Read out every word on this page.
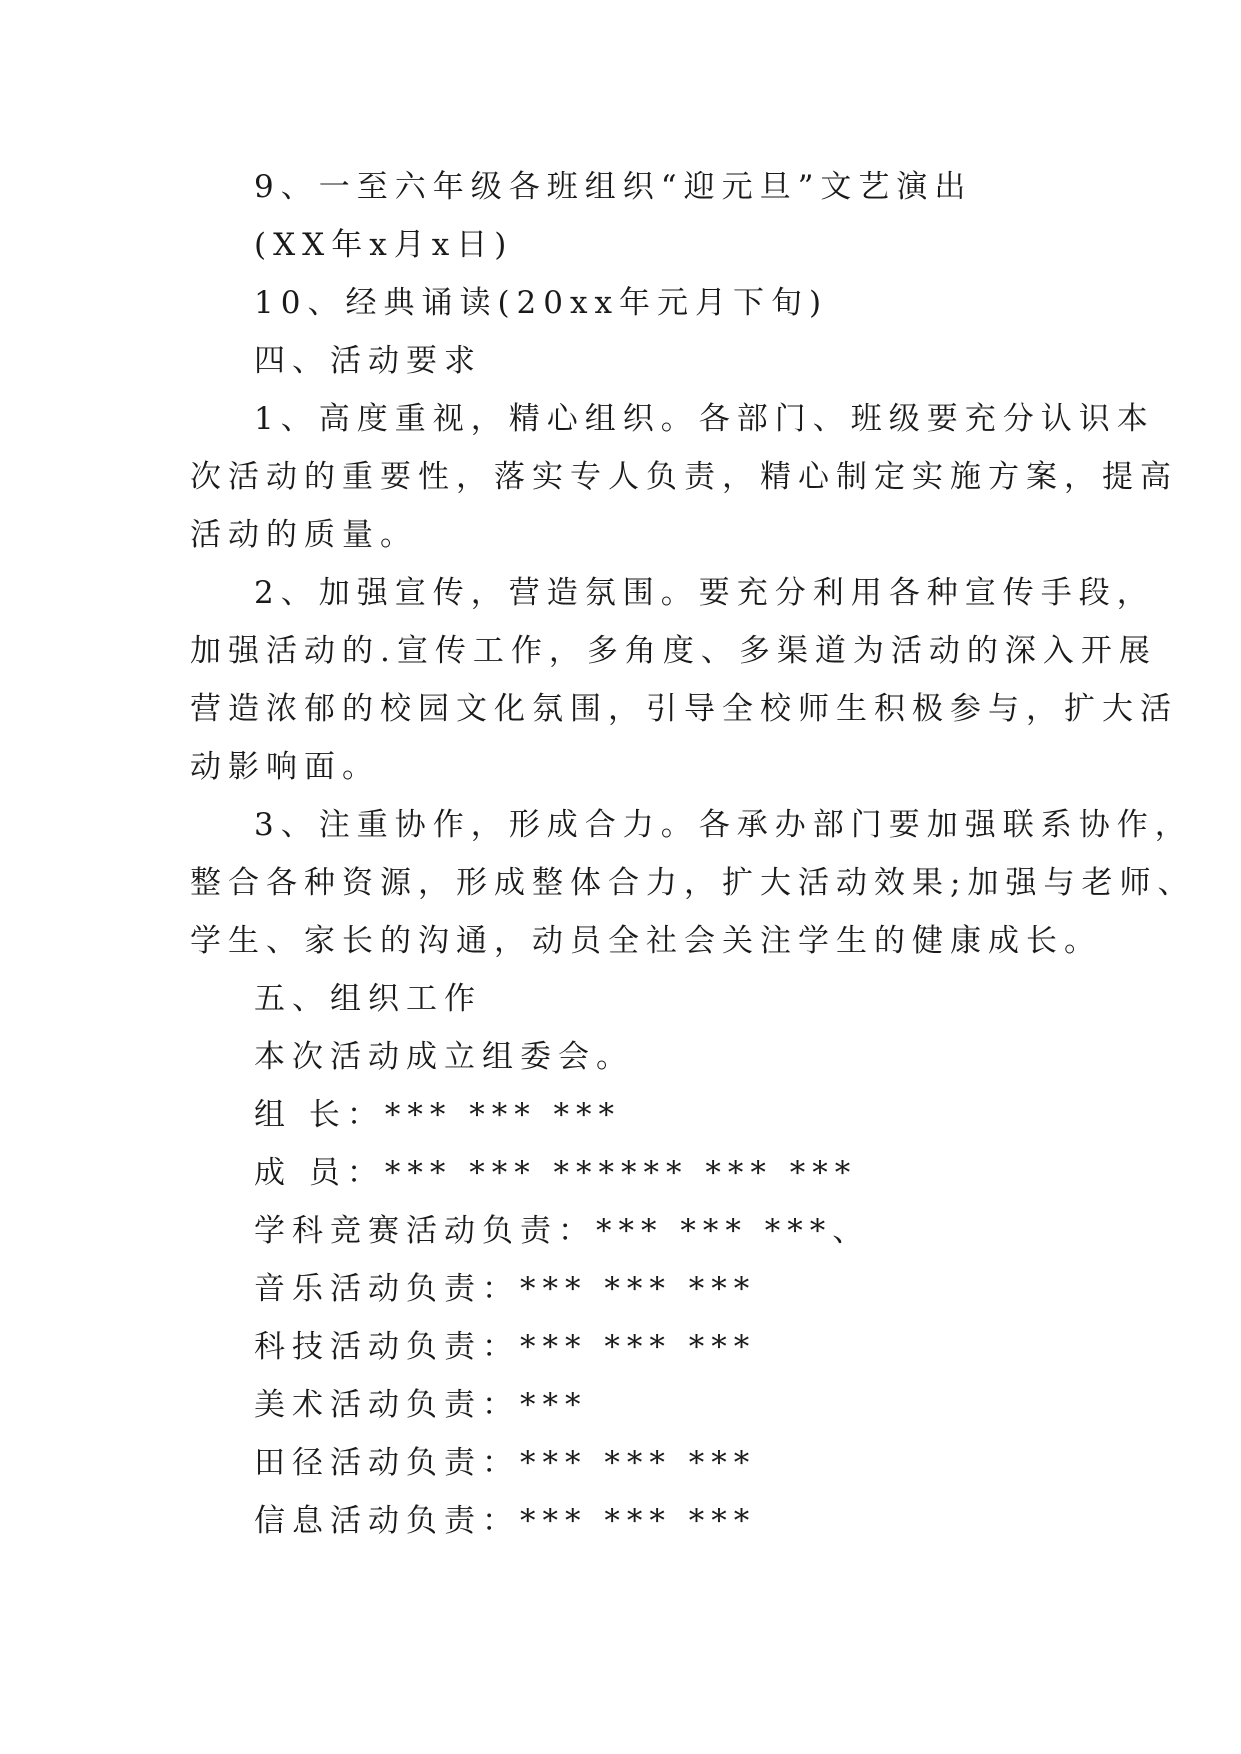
9、一至六年级各班组织“迎元旦”文艺演出
(XX年x月x日)
10、经典诵读(20xx年元月下旬)
四、活动要求
1、高度重视，精心组织。各部门、班级要充分认识本
次活动的重要性，落实专人负责，精心制定实施方案，提高
活动的质量。
2、加强宣传，营造氛围。要充分利用各种宣传手段，
加强活动的.宣传工作，多角度、多渠道为活动的深入开展
营造浓郁的校园文化氛围，引导全校师生积极参与，扩大活
动影响面。
3、注重协作，形成合力。各承办部门要加强联系协作，
整合各种资源，形成整体合力，扩大活动效果;加强与老师、
学生、家长的沟通，动员全社会关注学生的健康成长。
五、组织工作
本次活动成立组委会。
组 长：*** *** ***
成 员：*** *** ****** *** ***
学科竞赛活动负责：*** *** ***、
音乐活动负责：*** *** ***
科技活动负责：*** *** ***
美术活动负责：***
田径活动负责：*** *** ***
信息活动负责：*** *** ***
